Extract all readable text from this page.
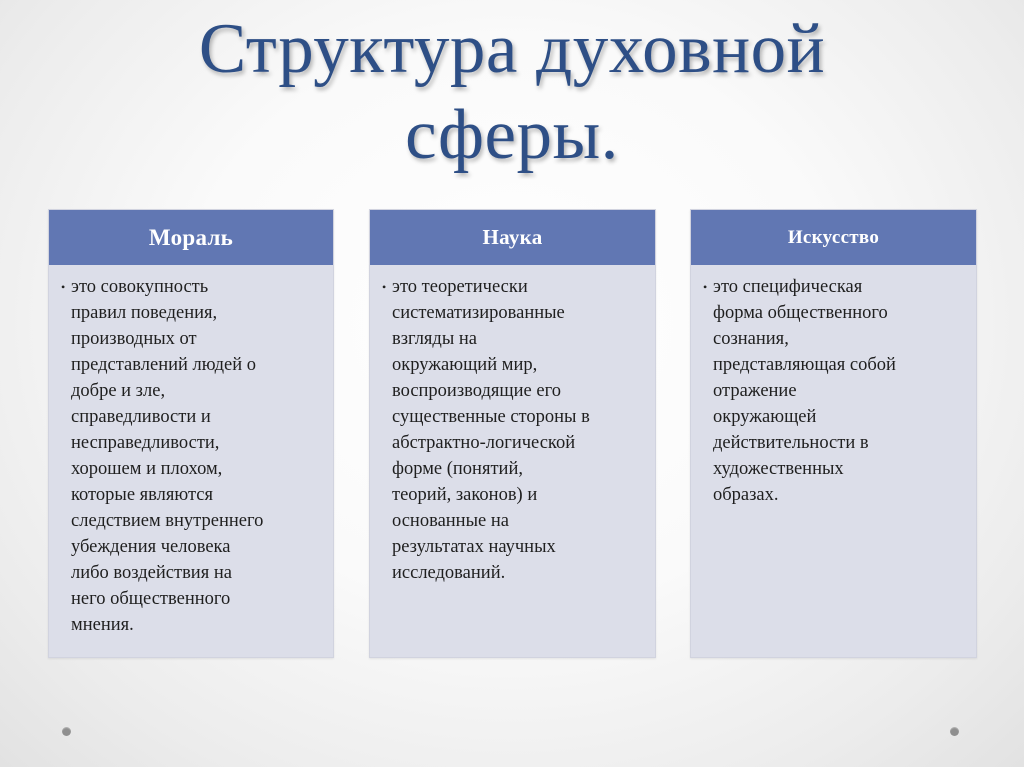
Структура духовной
сферы.
Мораль
• это совокупность
правил поведения,
производных от
представлений людей о
добре и зле,
справедливости и
несправедливости,
хорошем и плохом,
которые являются
следствием внутреннего
убеждения человека
либо воздействия на
него общественного
мнения.
Наука
• это теоретически
систематизированные
взгляды на
окружающий мир,
воспроизводящие его
существенные стороны в
абстрактно-логической
форме (понятий,
теорий, законов) и
основанные на
результатах научных
исследований.
Искусство
• это специфическая
форма общественного
сознания,
представляющая собой
отражение
окружающей
действительности в
художественных
образах.
